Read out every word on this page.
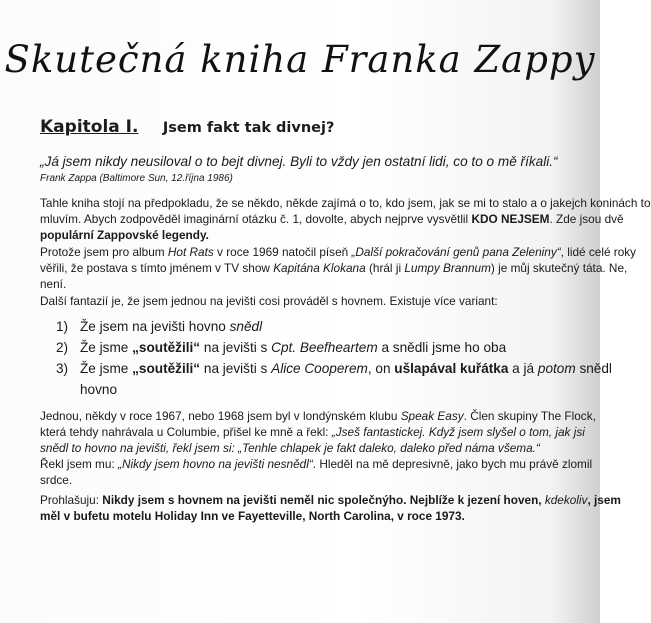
Skutečná kniha Franka Zappy
Kapitola I. Jsem fakt tak divnej?
„Já jsem nikdy neusiloval o to bejt divnej. Byli to vždy jen ostatní lidi, co to o mě říkali.“
Frank Zappa (Baltimore Sun, 12.října 1986)
Tahle kniha stojí na předpokladu, že se někdo, někde zajímá o to, kdo jsem, jak se mi to stalo a o jakejch koninách to
mluvím. Abych zodpověděl imaginární otázku č. 1, dovolte, abych nejprve vysvětlil KDO NEJSEM. Zde jsou dvě
populární Zappovské legendy.
Protože jsem pro album Hot Rats v roce 1969 natočil píseň „Další pokračování genů pana Zeleniny“, lidé celé roky
věřili, že postava s tímto jménem v TV show Kapitána Klokana (hrál ji Lumpy Brannum) je můj skutečný táta. Ne,
není.
Další fantazií je, že jsem jednou na jevišti cosi prováděl s hovnem. Existuje více variant:
1) Že jsem na jevišti hovno snědl
2) Že jsme „soutěžili“ na jevišti s Cpt. Beefheartem a snědli jsme ho oba
3) Že jsme „soutěžili“ na jevišti s Alice Cooperem, on ušlapával kuřátka a já potom snědl
hovno
Jednou, někdy v roce 1967, nebo 1968 jsem byl v londýnském klubu Speak Easy. Člen skupiny The Flock,
která tehdy nahrávala u Columbie, přišel ke mně a řekl: „Jseš fantastickej. Když jsem slyšel o tom, jak jsi
snědl to hovno na jevišti, řekl jsem si: „Tenhle chlapek je fakt daleko, daleko před náma všema.“
Řekl jsem mu: „Nikdy jsem hovno na jevišti nesnědl“. Hleděl na mě depresivně, jako bych mu právě zlomil
srdce.
Prohlašuju: Nikdy jsem s hovnem na jevišti neměl nic společnýho. Nejblíže k jezení hoven, kdekoliv, jsem
měl v bufetu motelu Holiday Inn ve Fayetteville, North Carolina, v roce 1973.
